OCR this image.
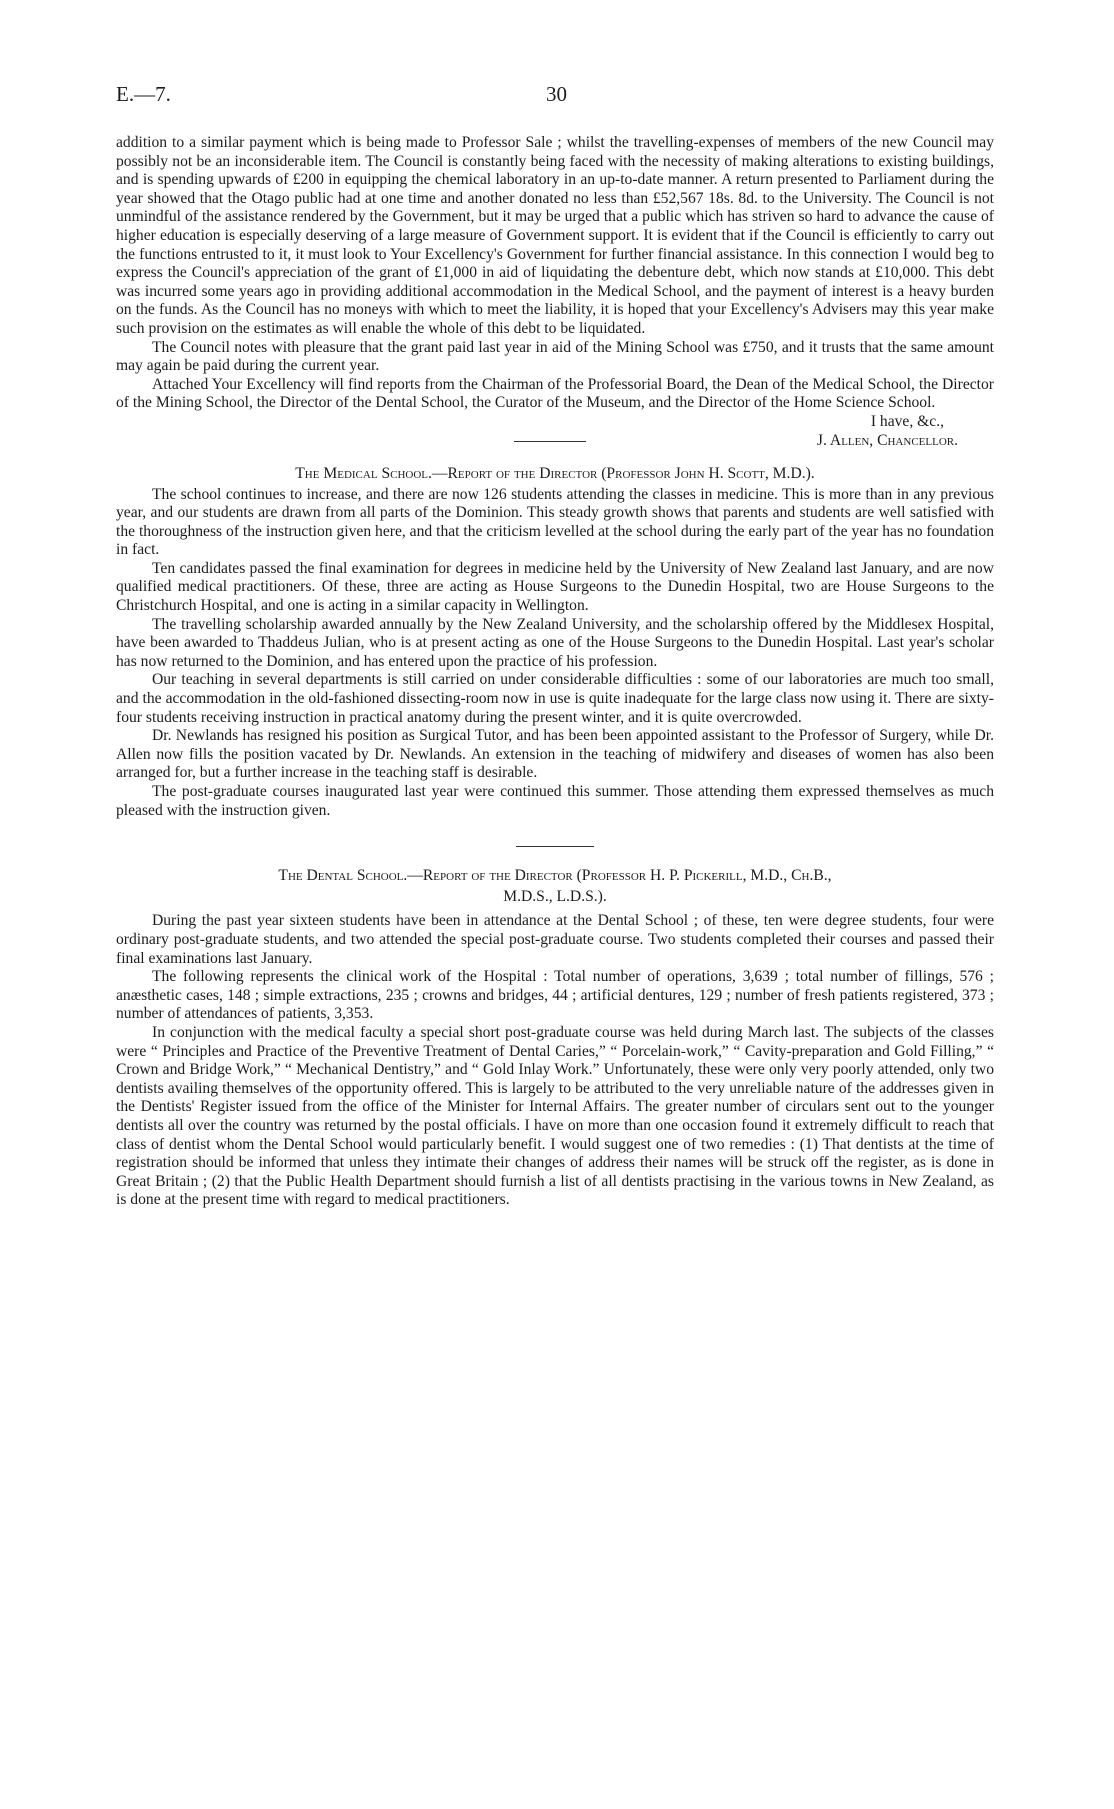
E.—7.	30

addition to a similar payment which is being made to Professor Sale ; whilst the travelling-expenses of members of the new Council may possibly not be an inconsiderable item. The Council is constantly being faced with the necessity of making alterations to existing buildings, and is spending upwards of £200 in equipping the chemical laboratory in an up-to-date manner. A return presented to Parliament during the year showed that the Otago public had at one time and another donated no less than £52,567 18s. 8d. to the University. The Council is not unmindful of the assistance rendered by the Government, but it may be urged that a public which has striven so hard to advance the cause of higher education is especially deserving of a large measure of Government support. It is evident that if the Council is efficiently to carry out the functions entrusted to it, it must look to Your Excellency's Government for further financial assistance. In this connection I would beg to express the Council's appreciation of the grant of £1,000 in aid of liquidating the debenture debt, which now stands at £10,000. This debt was incurred some years ago in providing additional accommodation in the Medical School, and the payment of interest is a heavy burden on the funds. As the Council has no moneys with which to meet the liability, it is hoped that your Excellency's Advisers may this year make such provision on the estimates as will enable the whole of this debt to be liquidated.

The Council notes with pleasure that the grant paid last year in aid of the Mining School was £750, and it trusts that the same amount may again be paid during the current year.

Attached Your Excellency will find reports from the Chairman of the Professorial Board, the Dean of the Medical School, the Director of the Mining School, the Director of the Dental School, the Curator of the Museum, and the Director of the Home Science School.

I have, &c.,
J. Allen, Chancellor.
The Medical School.—Report of the Director (Professor John H. Scott, M.D.).

The school continues to increase, and there are now 126 students attending the classes in medicine. This is more than in any previous year, and our students are drawn from all parts of the Dominion. This steady growth shows that parents and students are well satisfied with the thoroughness of the instruction given here, and that the criticism levelled at the school during the early part of the year has no foundation in fact.

Ten candidates passed the final examination for degrees in medicine held by the University of New Zealand last January, and are now qualified medical practitioners. Of these, three are acting as House Surgeons to the Dunedin Hospital, two are House Surgeons to the Christchurch Hospital, and one is acting in a similar capacity in Wellington.

The travelling scholarship awarded annually by the New Zealand University, and the scholarship offered by the Middlesex Hospital, have been awarded to Thaddeus Julian, who is at present acting as one of the House Surgeons to the Dunedin Hospital. Last year's scholar has now returned to the Dominion, and has entered upon the practice of his profession.

Our teaching in several departments is still carried on under considerable difficulties : some of our laboratories are much too small, and the accommodation in the old-fashioned dissecting-room now in use is quite inadequate for the large class now using it. There are sixty-four students receiving instruction in practical anatomy during the present winter, and it is quite overcrowded.

Dr. Newlands has resigned his position as Surgical Tutor, and has been been appointed assistant to the Professor of Surgery, while Dr. Allen now fills the position vacated by Dr. Newlands. An extension in the teaching of midwifery and diseases of women has also been arranged for, but a further increase in the teaching staff is desirable.

The post-graduate courses inaugurated last year were continued this summer. Those attending them expressed themselves as much pleased with the instruction given.

The Dental School.—Report of the Director (Professor H. P. Pickerill, M.D., Ch.B.,
M.D.S., L.D.S.).

During the past year sixteen students have been in attendance at the Dental School ; of these, ten were degree students, four were ordinary post-graduate students, and two attended the special post-graduate course. Two students completed their courses and passed their final examinations last January.

The following represents the clinical work of the Hospital : Total number of operations, 3,639 ; total number of fillings, 576 ; anæsthetic cases, 148 ; simple extractions, 235 ; crowns and bridges, 44 ; artificial dentures, 129 ; number of fresh patients registered, 373 ; number of attendances of patients, 3,353.

In conjunction with the medical faculty a special short post-graduate course was held during March last. The subjects of the classes were “ Principles and Practice of the Preventive Treatment of Dental Caries,” “ Porcelain-work,” “ Cavity-preparation and Gold Filling,” “ Crown and Bridge Work,” “ Mechanical Dentistry,” and “ Gold Inlay Work.” Unfortunately, these were only very poorly attended, only two dentists availing themselves of the opportunity offered. This is largely to be attributed to the very unreliable nature of the addresses given in the Dentists' Register issued from the office of the Minister for Internal Affairs. The greater number of circulars sent out to the younger dentists all over the country was returned by the postal officials. I have on more than one occasion found it extremely difficult to reach that class of dentist whom the Dental School would particularly benefit. I would suggest one of two remedies : (1) That dentists at the time of registration should be informed that unless they intimate their changes of address their names will be struck off the register, as is done in Great Britain ; (2) that the Public Health Department should furnish a list of all dentists practising in the various towns in New Zealand, as is done at the present time with regard to medical practitioners.
